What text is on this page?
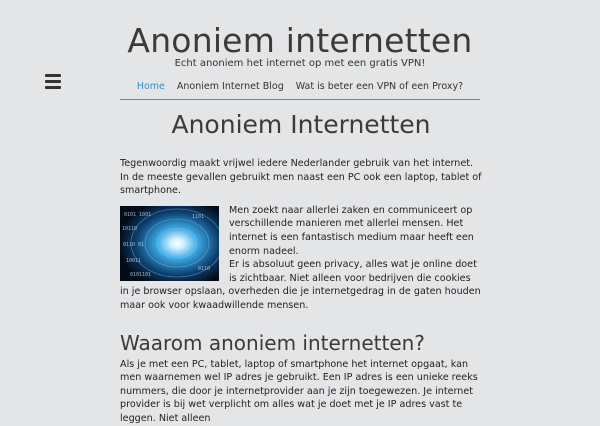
Anoniem internetten
Echt anoniem het internet op met een gratis VPN!
Home Anoniem Internet Blog Wat is beter een VPN of een Proxy?
Anoniem Internetten

Tegenwoordig maakt vrijwel iedere Nederlander gebruik van het internet.

In de meeste gevallen gebruikt men naast een PC ook een laptop, tablet of smartphone.

0101 1001
10110
0110 01
10011
0101101
1101
0110

Men zoekt naar allerlei zaken en communiceert op verschillende manieren met allerlei mensen. Het internet is een fantastisch medium maar heeft een enorm nadeel.

Er is absoluut geen privacy, alles wat je online doet is zichtbaar. Niet alleen voor bedrijven die cookies in je browser opslaan, overheden die je internetgedrag in de gaten houden maar ook voor kwaadwillende mensen.

Waarom anoniem internetten?

Als je met een PC, tablet, laptop of smartphone het internet opgaat, kan men waarnemen wel IP adres je gebruikt. Een IP adres is een unieke reeks nummers, die door je internetprovider aan je zijn toegewezen. Je internet provider is bij wet verplicht om alles wat je doet met je IP adres vast te leggen. Niet alleen
